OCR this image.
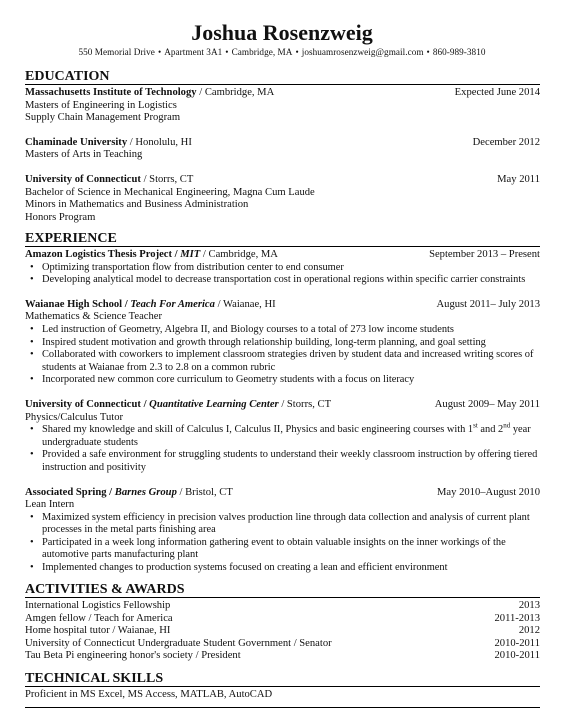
Joshua Rosenzweig
550 Memorial Drive • Apartment 3A1 • Cambridge, MA • joshuamrosenzweig@gmail.com • 860-989-3810
EDUCATION
Massachusetts Institute of Technology / Cambridge, MA	Expected June 2014
Masters of Engineering in Logistics
Supply Chain Management Program
Chaminade University / Honolulu, HI	December 2012
Masters of Arts in Teaching
University of Connecticut / Storrs, CT	May 2011
Bachelor of Science in Mechanical Engineering, Magna Cum Laude
Minors in Mathematics and Business Administration
Honors Program
EXPERIENCE
Amazon Logistics Thesis Project / MIT / Cambridge, MA	September 2013 – Present
• Optimizing transportation flow from distribution center to end consumer
• Developing analytical model to decrease transportation cost in operational regions within specific carrier constraints
Waianae High School / Teach For America / Waianae, HI	August 2011– July 2013
Mathematics & Science Teacher
• Led instruction of Geometry, Algebra II, and Biology courses to a total of 273 low income students
• Inspired student motivation and growth through relationship building, long-term planning, and goal setting
• Collaborated with coworkers to implement classroom strategies driven by student data and increased writing scores of students at Waianae from 2.3 to 2.8 on a common rubric
• Incorporated new common core curriculum to Geometry students with a focus on literacy
University of Connecticut / Quantitative Learning Center / Storrs, CT	August 2009– May 2011
Physics/Calculus Tutor
• Shared my knowledge and skill of Calculus I, Calculus II, Physics and basic engineering courses with 1st and 2nd year undergraduate students
• Provided a safe environment for struggling students to understand their weekly classroom instruction by offering tiered instruction and positivity
Associated Spring / Barnes Group / Bristol, CT	May 2010–August 2010
Lean Intern
• Maximized system efficiency in precision valves production line through data collection and analysis of current plant processes in the metal parts finishing area
• Participated in a week long information gathering event to obtain valuable insights on the inner workings of the automotive parts manufacturing plant
• Implemented changes to production systems focused on creating a lean and efficient environment
ACTIVITIES & AWARDS
International Logistics Fellowship	2013
Amgen fellow / Teach for America	2011-2013
Home hospital tutor / Waianae, HI	2012
University of Connecticut Undergraduate Student Government / Senator	2010-2011
Tau Beta Pi engineering honor's society / President	2010-2011
TECHNICAL SKILLS
Proficient in MS Excel, MS Access, MATLAB, AutoCAD
